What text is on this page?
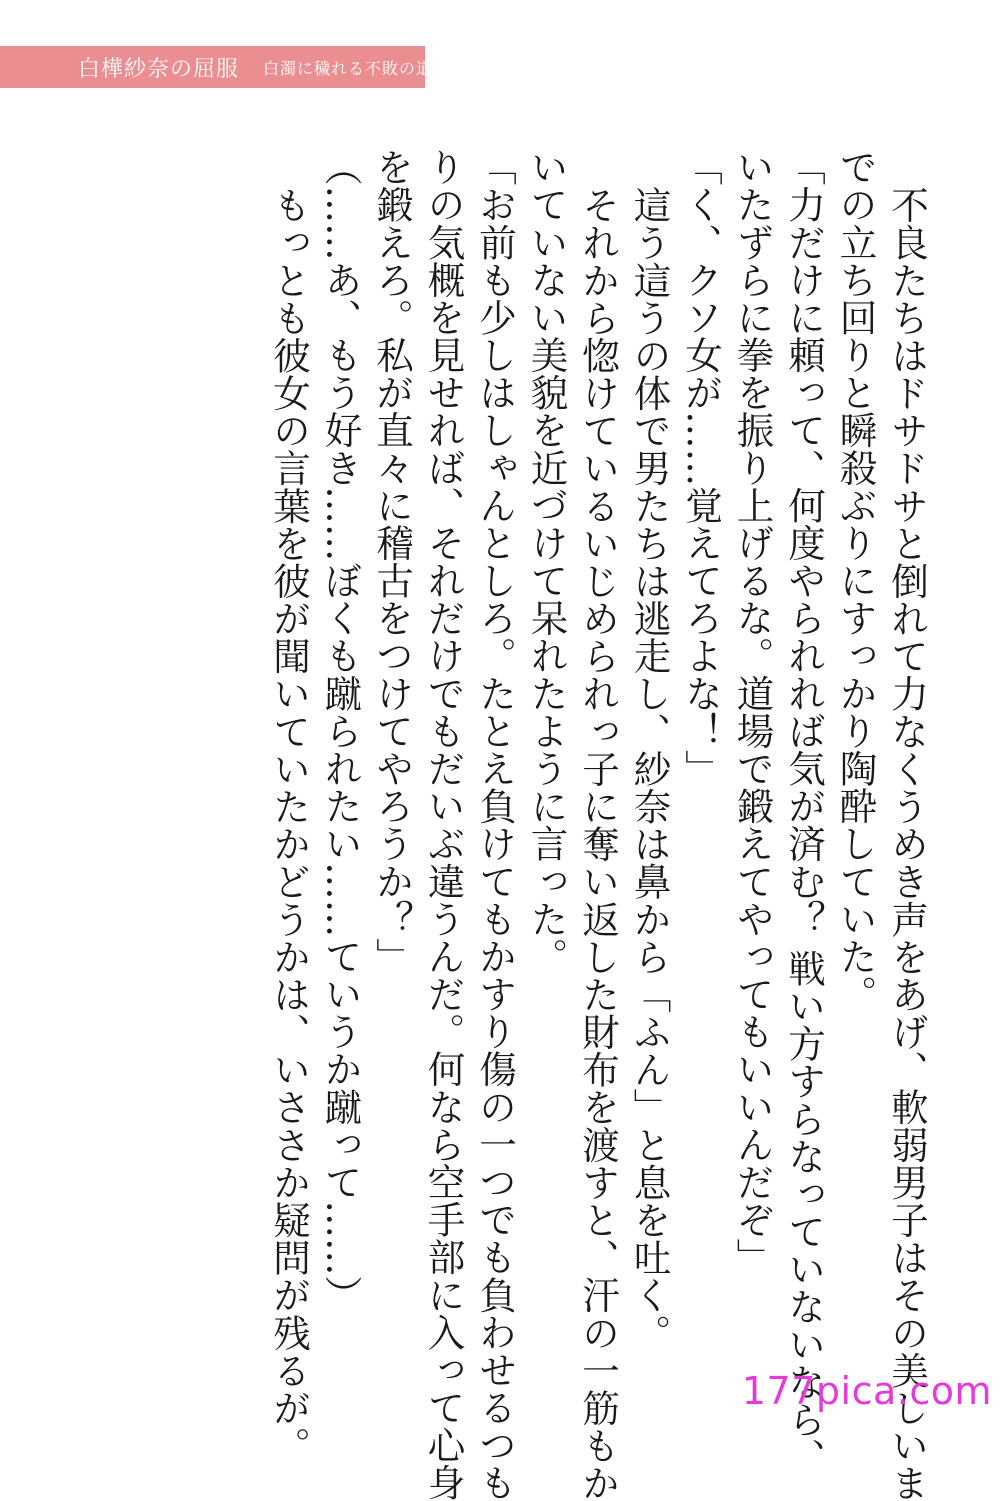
白樺紗奈の屈服 白濁に穢れる不敗の道着

不良たちはドサドサと倒れて力なくうめき声をあげ、軟弱男子はその美しいま

での立ち回りと瞬殺ぶりにすっかり陶酔していた。

「力だけに頼って、何度やられれば気が済む？ 戦い方すらなっていないなら、

いたずらに拳を振り上げるな。道場で鍛えてやってもいいんだぞ」

「く、クソ女が……覚えてろよな！」

這う這うの体で男たちは逃走し、紗奈は鼻から「ふん」と息を吐く。

それから惚けているいじめられっ子に奪い返した財布を渡すと、汗の一筋もか

いていない美貌を近づけて呆れたように言った。

「お前も少しはしゃんとしろ。たとえ負けてもかすり傷の一つでも負わせるつも

りの気概を見せれば、それだけでもだいぶ違うんだ。何なら空手部に入って心身

を鍛えろ。私が直々に稽古をつけてやろうか？」

（……あ、もう好き……ぼくも蹴られたい……ていうか蹴って……）

もっとも彼女の言葉を彼が聞いていたかどうかは、いささか疑問が残るが。	177pica.com
